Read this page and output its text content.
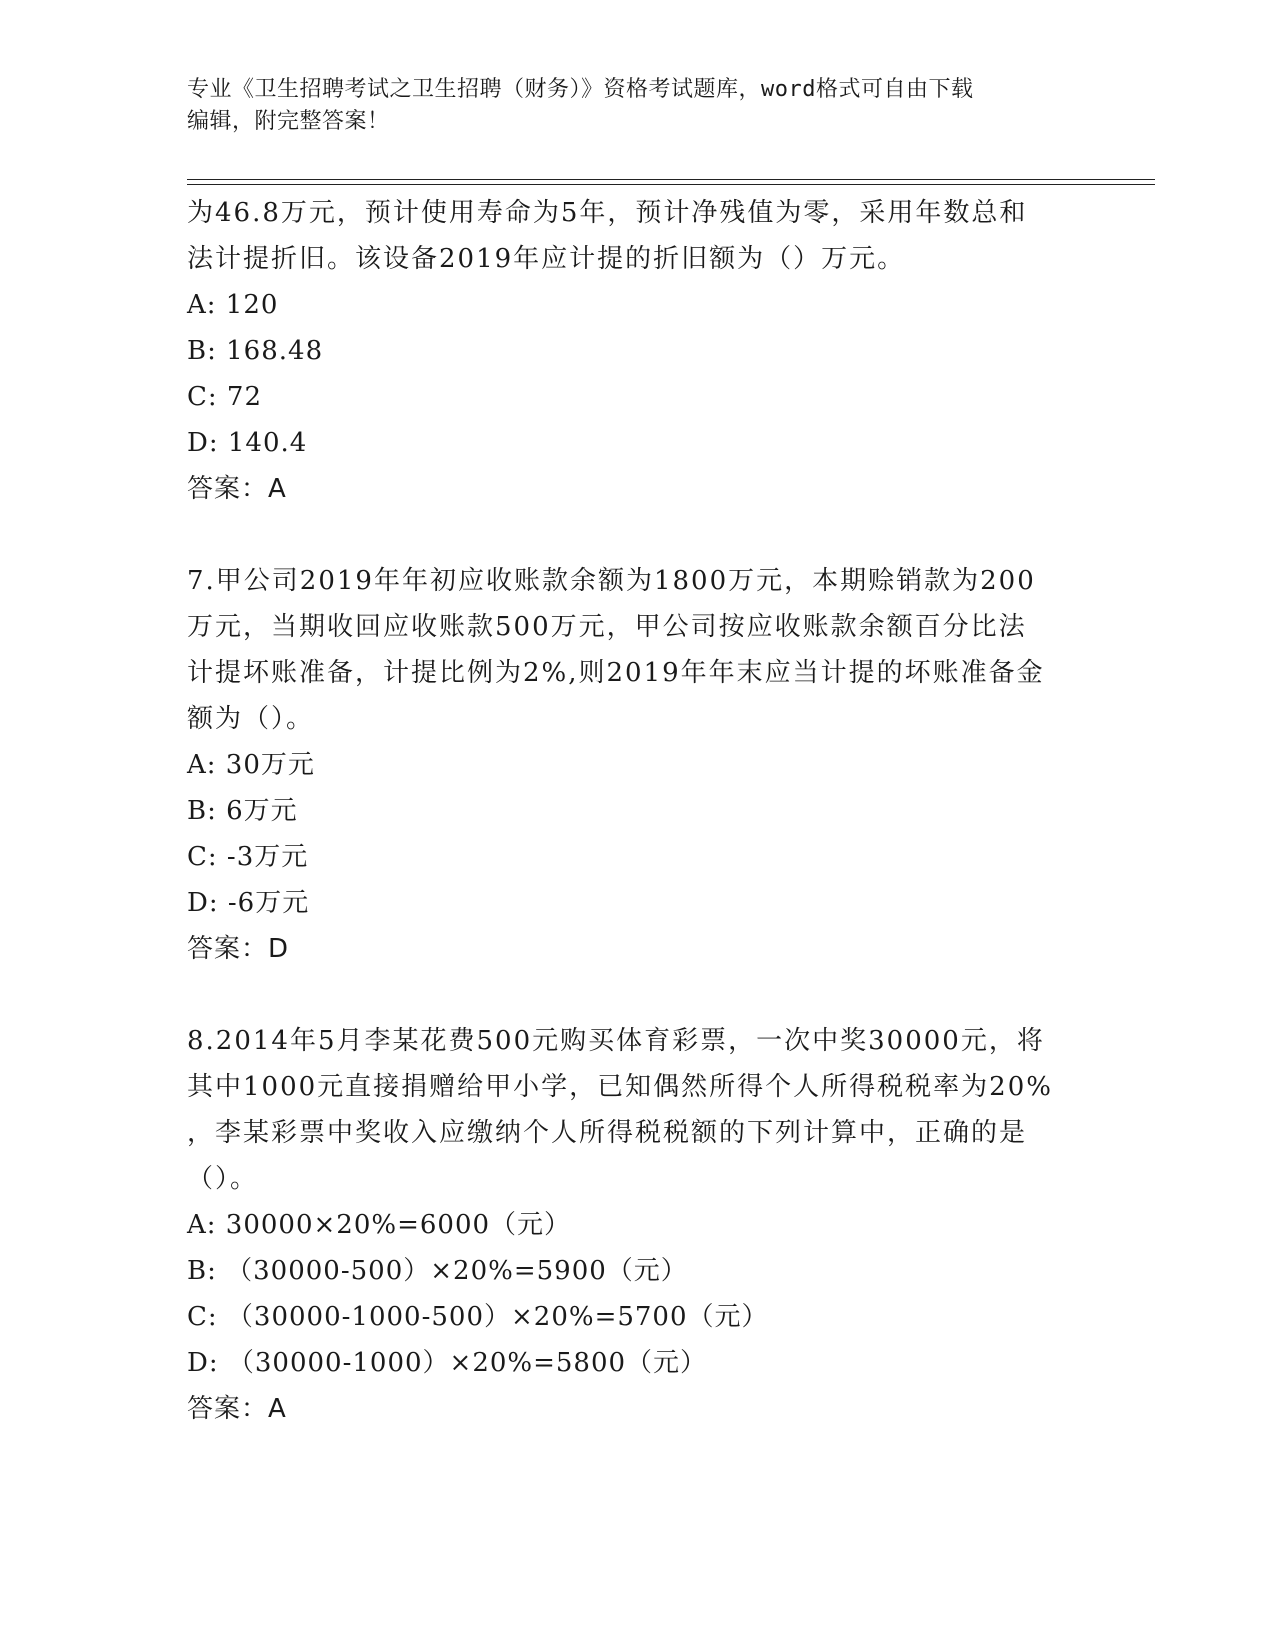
专业《卫生招聘考试之卫生招聘（财务）》资格考试题库，word格式可自由下载
编辑，附完整答案！

为46.8万元，预计使用寿命为5年，预计净残值为零，采用年数总和

法计提折旧。该设备2019年应计提的折旧额为（）万元。

A: 120

B: 168.48

C: 72

D: 140.4

答案：A

7.甲公司2019年年初应收账款余额为1800万元，本期赊销款为200

万元，当期收回应收账款500万元，甲公司按应收账款余额百分比法

计提坏账准备，计提比例为2%,则2019年年末应当计提的坏账准备金

额为（）。

A: 30万元

B: 6万元

C: -3万元

D: -6万元

答案：D

8.2014年5月李某花费500元购买体育彩票，一次中奖30000元，将

其中1000元直接捐赠给甲小学，已知偶然所得个人所得税税率为20%

，李某彩票中奖收入应缴纳个人所得税税额的下列计算中，正确的是

（）。

A: 30000×20%=6000（元）

B: （30000-500）×20%=5900（元）

C: （30000-1000-500）×20%=5700（元）

D: （30000-1000）×20%=5800（元）

答案：A
